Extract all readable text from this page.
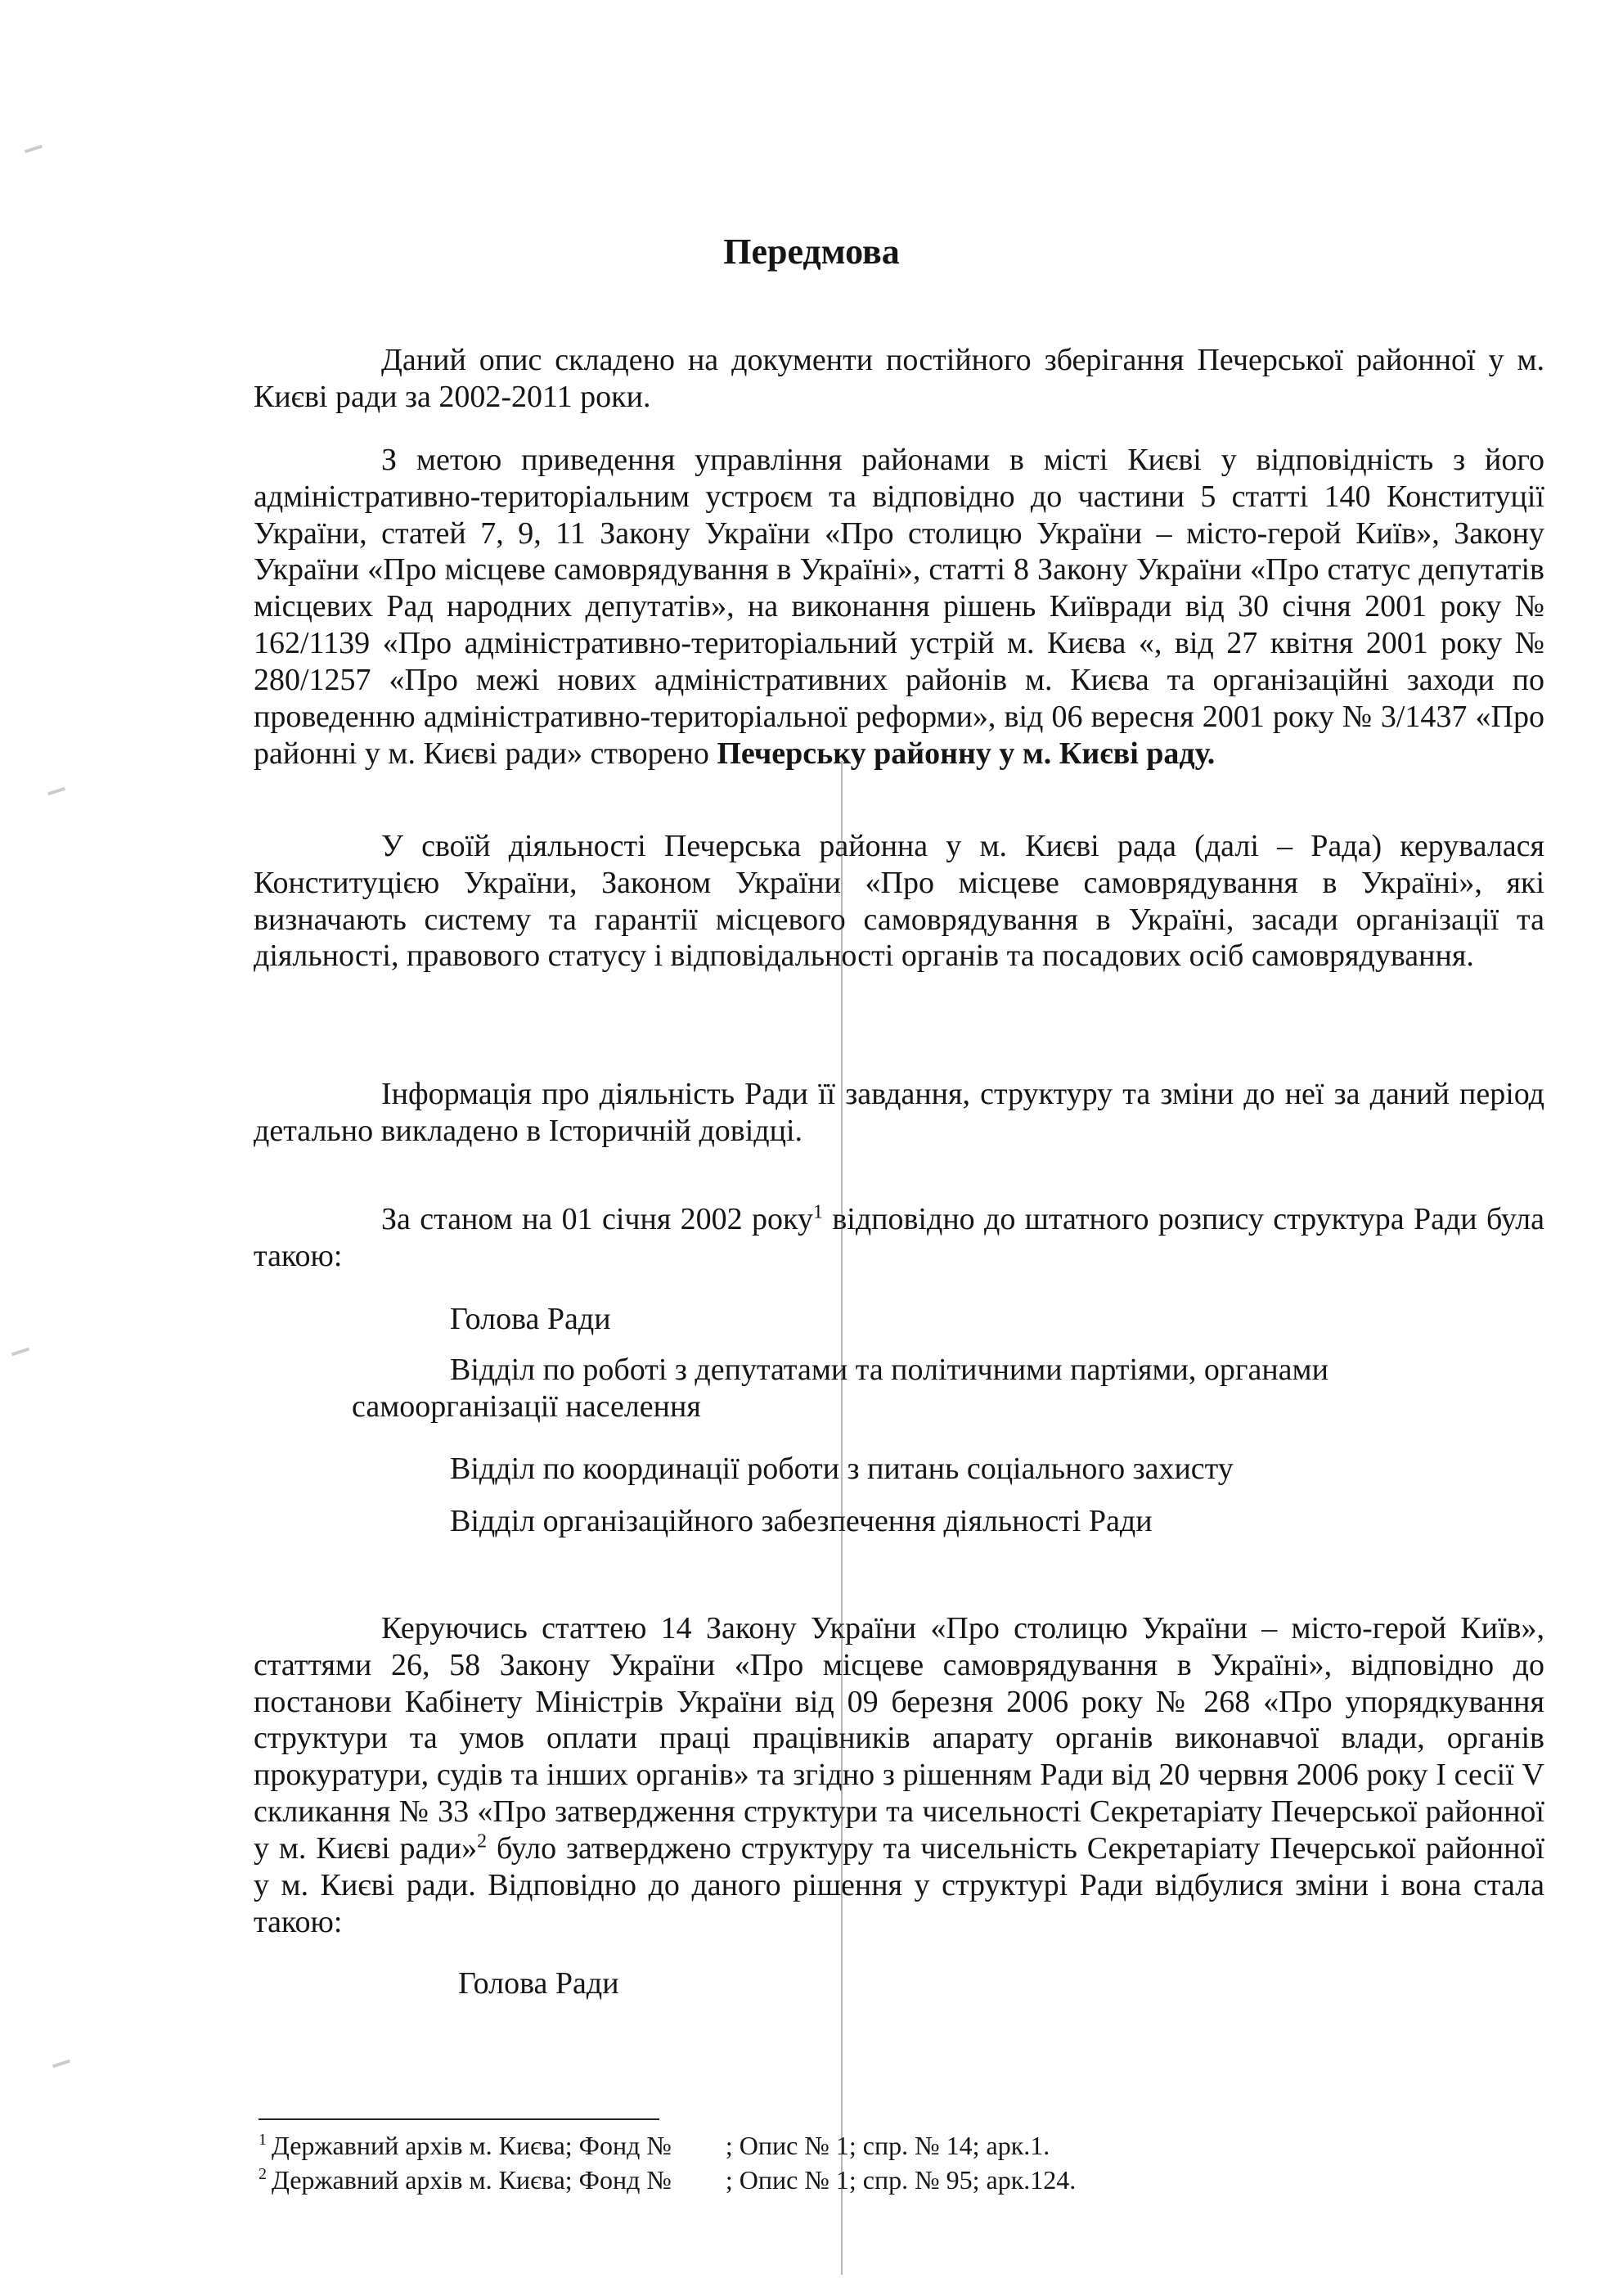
Передмова

Даний опис складено на документи постійного зберігання Печерської районної у м. Києві ради за 2002-2011 роки.

З метою приведення управління районами в місті Києві у відповідність з його адміністративно-територіальним устроєм та відповідно до частини 5 статті 140 Конституції України, статей 7, 9, 11 Закону України «Про столицю України – місто-герой Київ», Закону України «Про місцеве самоврядування в Україні», статті 8 Закону України «Про статус депутатів місцевих Рад народних депутатів», на виконання рішень Київради від 30 січня 2001 року № 162/1139 «Про адміністративно-територіальний устрій м. Києва «, від 27 квітня 2001 року № 280/1257 «Про межі нових адміністративних районів м. Києва та організаційні заходи по проведенню адміністративно-територіальної реформи», від 06 вересня 2001 року № 3/1437 «Про районні у м. Києві ради» створено Печерську районну у м. Києві раду.

У своїй діяльності Печерська районна у м. Києві рада (далі – Рада) керувалася Конституцією України, Законом України «Про місцеве самоврядування в Україні», які визначають систему та гарантії місцевого самоврядування в Україні, засади організації та діяльності, правового статусу і відповідальності органів та посадових осіб самоврядування.

Інформація про діяльність Ради її завдання, структуру та зміни до неї за даний період детально викладено в Історичній довідці.

За станом на 01 січня 2002 року$^1$ відповідно до штатного розпису структура Ради була такою:

Голова Ради

Відділ по роботі з депутатами та політичними партіями, органами
самоорганізації населення

Відділ по координації роботи з питань соціального захисту

Відділ організаційного забезпечення діяльності Ради

Керуючись статтею 14 Закону України «Про столицю України – місто-герой Київ», статтями 26, 58 Закону України «Про місцеве самоврядування в Україні», відповідно до постанови Кабінету Міністрів України від 09 березня 2006 року № 268 «Про упорядкування структури та умов оплати праці працівників апарату органів виконавчої влади, органів прокуратури, судів та інших органів» та згідно з рішенням Ради від 20 червня 2006 року І сесії V скликання № 33 «Про затвердження структури та чисельності Секретаріату Печерської районної у м. Києві ради»$^2$ було затверджено структуру та чисельність Секретаріату Печерської районної у м. Києві ради. Відповідно до даного рішення у структурі Ради відбулися зміни і вона стала такою:

Голова Ради

$^1$ Державний архів м. Києва; Фонд № ; Опис № 1; спр. № 14; арк.1.

$^2$ Державний архів м. Києва; Фонд № ; Опис № 1; спр. № 95; арк.124.
